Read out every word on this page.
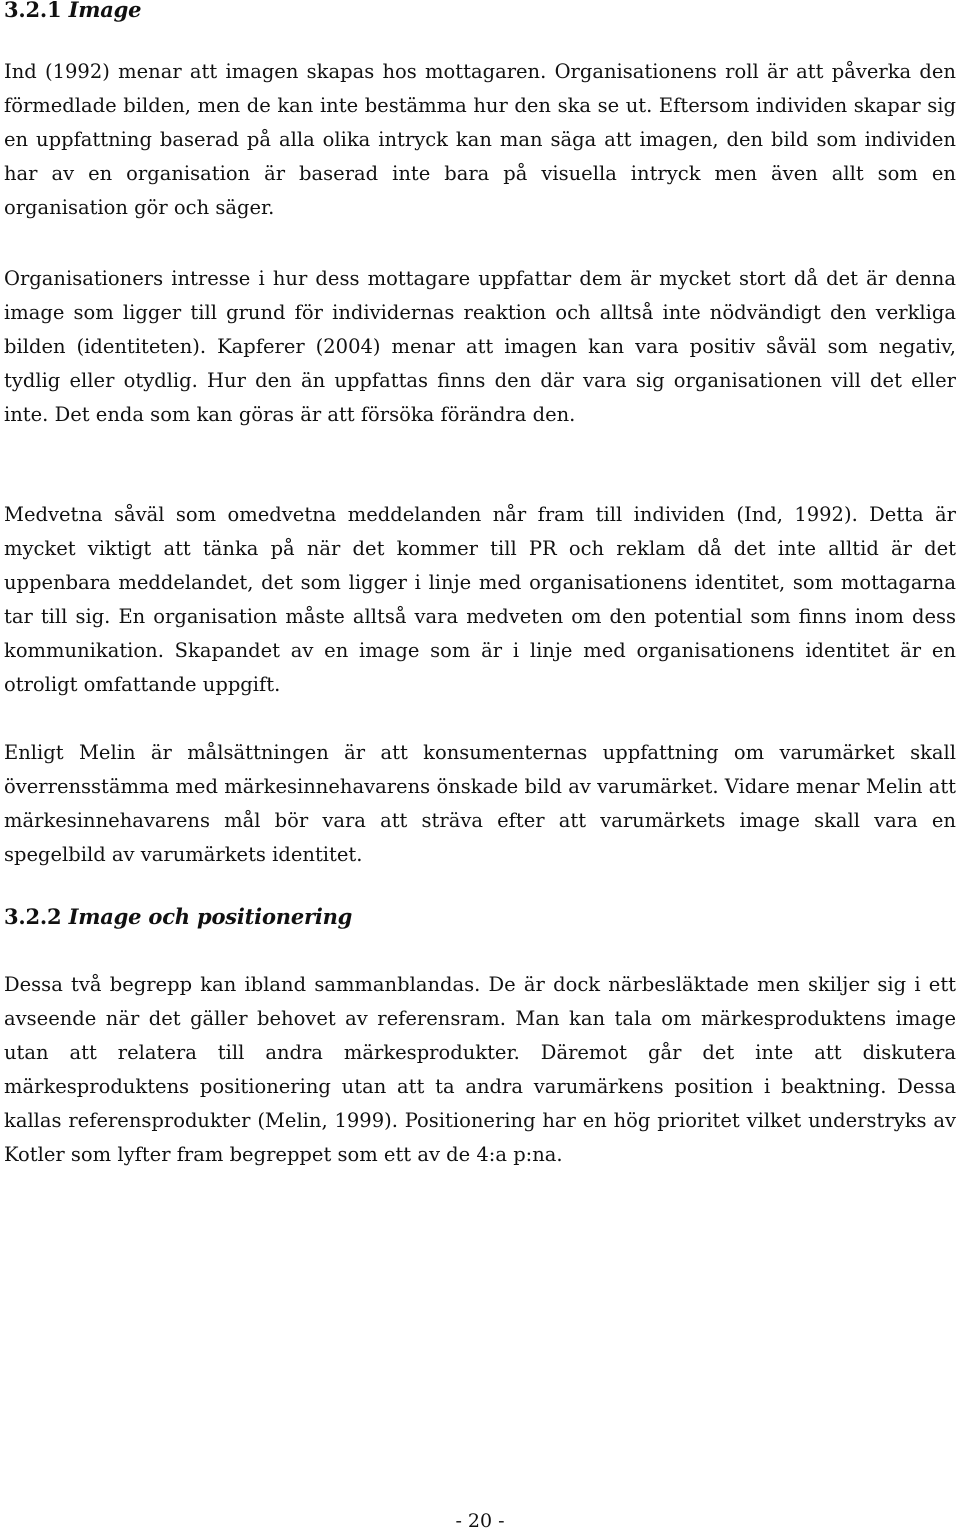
3.2.1 Image

Ind (1992) menar att imagen skapas hos mottagaren. Organisationens roll är att påverka den förmedlade bilden, men de kan inte bestämma hur den ska se ut. Eftersom individen skapar sig en uppfattning baserad på alla olika intryck kan man säga att imagen, den bild som individen har av en organisation är baserad inte bara på visuella intryck men även allt som en organisation gör och säger.

Organisationers intresse i hur dess mottagare uppfattar dem är mycket stort då det är denna image som ligger till grund för individernas reaktion och alltså inte nödvändigt den verkliga bilden (identiteten). Kapferer (2004) menar att imagen kan vara positiv såväl som negativ, tydlig eller otydlig. Hur den än uppfattas finns den där vara sig organisationen vill det eller inte. Det enda som kan göras är att försöka förändra den.

Medvetna såväl som omedvetna meddelanden når fram till individen (Ind, 1992). Detta är mycket viktigt att tänka på när det kommer till PR och reklam då det inte alltid är det uppenbara meddelandet, det som ligger i linje med organisationens identitet, som mottagarna tar till sig. En organisation måste alltså vara medveten om den potential som finns inom dess kommunikation. Skapandet av en image som är i linje med organisationens identitet är en otroligt omfattande uppgift.

Enligt Melin är målsättningen är att konsumenternas uppfattning om varumärket skall överrensstämma med märkesinnehavarens önskade bild av varumärket. Vidare menar Melin att märkesinnehavarens mål bör vara att sträva efter att varumärkets image skall vara en spegelbild av varumärkets identitet.

3.2.2 Image och positionering

Dessa två begrepp kan ibland sammanblandas. De är dock närbesläktade men skiljer sig i ett avseende när det gäller behovet av referensram. Man kan tala om märkesproduktens image utan att relatera till andra märkesprodukter. Däremot går det inte att diskutera märkesproduktens positionering utan att ta andra varumärkens position i beaktning. Dessa kallas referensprodukter (Melin, 1999). Positionering har en hög prioritet vilket understryks av Kotler som lyfter fram begreppet som ett av de 4:a p:na.

- 20 -
